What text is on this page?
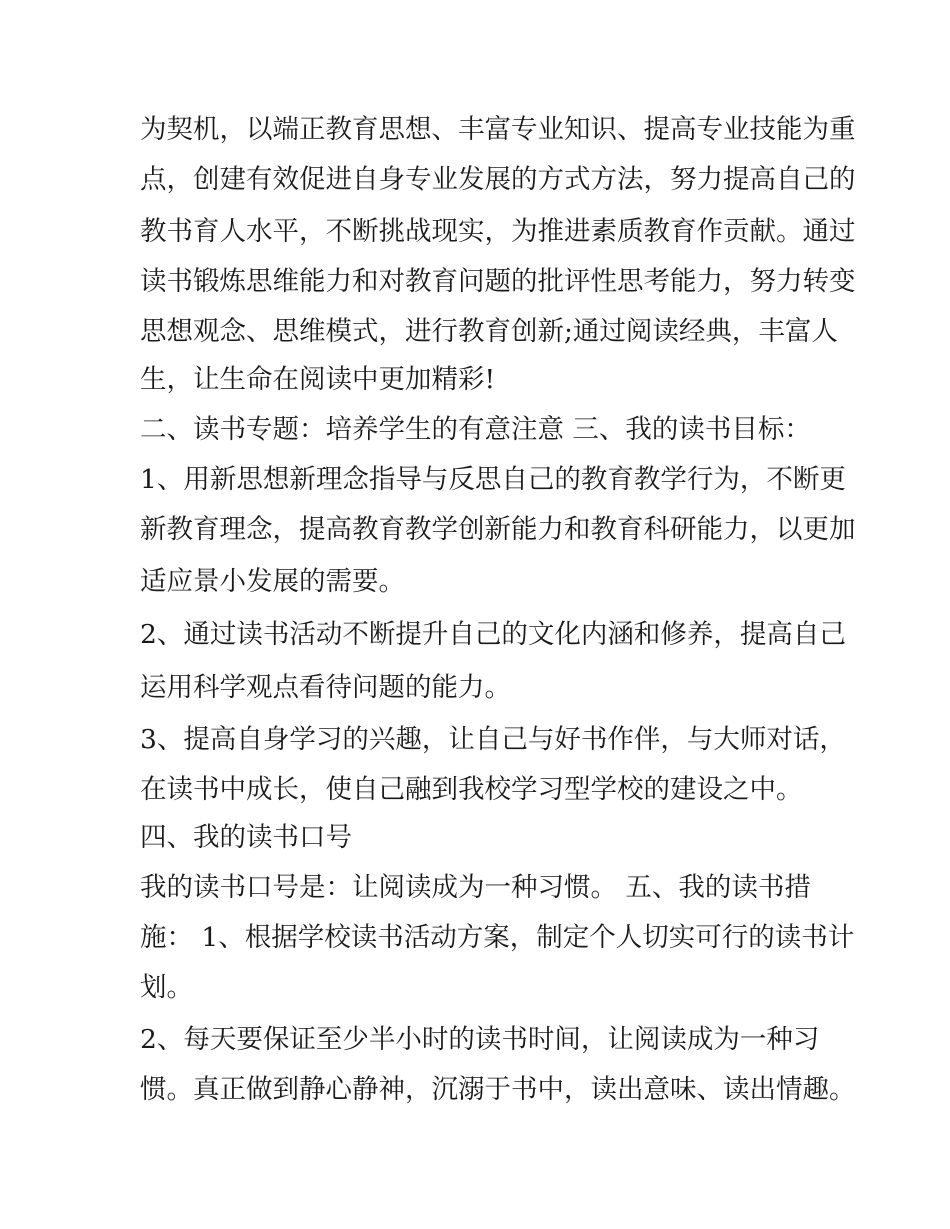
为契机，以端正教育思想、丰富专业知识、提高专业技能为重
点，创建有效促进自身专业发展的方式方法，努力提高自己的
教书育人水平，不断挑战现实，为推进素质教育作贡献。通过
读书锻炼思维能力和对教育问题的批评性思考能力，努力转变
思想观念、思维模式，进行教育创新;通过阅读经典，丰富人
生，让生命在阅读中更加精彩!
二、读书专题：培养学生的有意注意 三、我的读书目标：
1、用新思想新理念指导与反思自己的教育教学行为，不断更
新教育理念，提高教育教学创新能力和教育科研能力，以更加
适应景小发展的需要。
2、通过读书活动不断提升自己的文化内涵和修养，提高自己
运用科学观点看待问题的能力。
3、提高自身学习的兴趣，让自己与好书作伴，与大师对话，
在读书中成长，使自己融到我校学习型学校的建设之中。
四、我的读书口号
我的读书口号是：让阅读成为一种习惯。 五、我的读书措
施： 1、根据学校读书活动方案，制定个人切实可行的读书计
划。
2、每天要保证至少半小时的读书时间，让阅读成为一种习
惯。真正做到静心静神，沉溺于书中，读出意味、读出情趣。
